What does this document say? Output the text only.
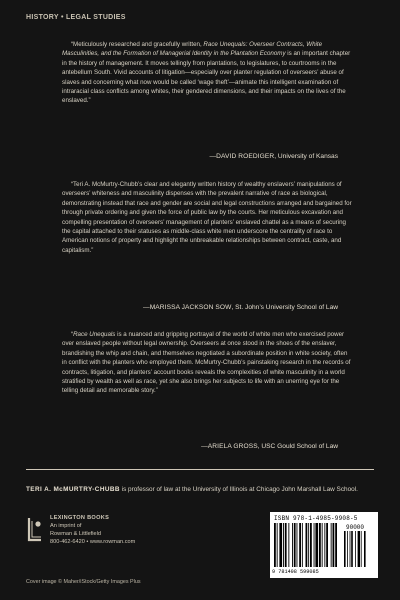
HISTORY • LEGAL STUDIES

“Meticulously researched and gracefully written, Race Unequals: Overseer Contracts, White Masculinities, and the Formation of Managerial Identity in the Plantation Economy is an important chapter in the history of management. It moves tellingly from plantations, to legislatures, to courtrooms in the antebellum South. Vivid accounts of litigation—especially over planter regulation of overseers’ abuse of slaves and concerning what now would be called ‘wage theft’—animate this intelligent examination of intraracial class conflicts among whites, their gendered dimensions, and their impacts on the lives of the enslaved.”

—DAVID ROEDIGER, University of Kansas

“Teri A. McMurtry-Chubb’s clear and elegantly written history of wealthy enslavers’ manipulations of overseers’ whiteness and masculinity dispenses with the prevalent narrative of race as biological, demonstrating instead that race and gender are social and legal constructions arranged and bargained for through private ordering and given the force of public law by the courts. Her meticulous excavation and compelling presentation of overseers’ management of planters’ enslaved chattel as a means of securing the capital attached to their statuses as middle-class white men underscore the centrality of race to American notions of property and highlight the unbreakable relationships between contract, caste, and capitalism.”

—MARISSA JACKSON SOW, St. John’s University School of Law

“Race Unequals is a nuanced and gripping portrayal of the world of white men who exercised power over enslaved people without legal ownership. Overseers at once stood in the shoes of the enslaver, brandishing the whip and chain, and themselves negotiated a subordinate position in white society, often in conflict with the planters who employed them. McMurtry-Chubb’s painstaking research in the records of contracts, litigation, and planters’ account books reveals the complexities of white masculinity in a world stratified by wealth as well as race, yet she also brings her subjects to life with an unerring eye for the telling detail and memorable story.”

—ARIELA GROSS, USC Gould School of Law
TERI A. McMURTRY-CHUBB is professor of law at the University of Illinois at Chicago John Marshall Law School.
LEXINGTON BOOKS
An imprint of
Rowman & Littlefield
800-462-6420 • www.rowman.com
Cover image © Maher/iStock/Getty Images Plus
ISBN 978-1-4985-9908-5
90000
9 781498 599085
